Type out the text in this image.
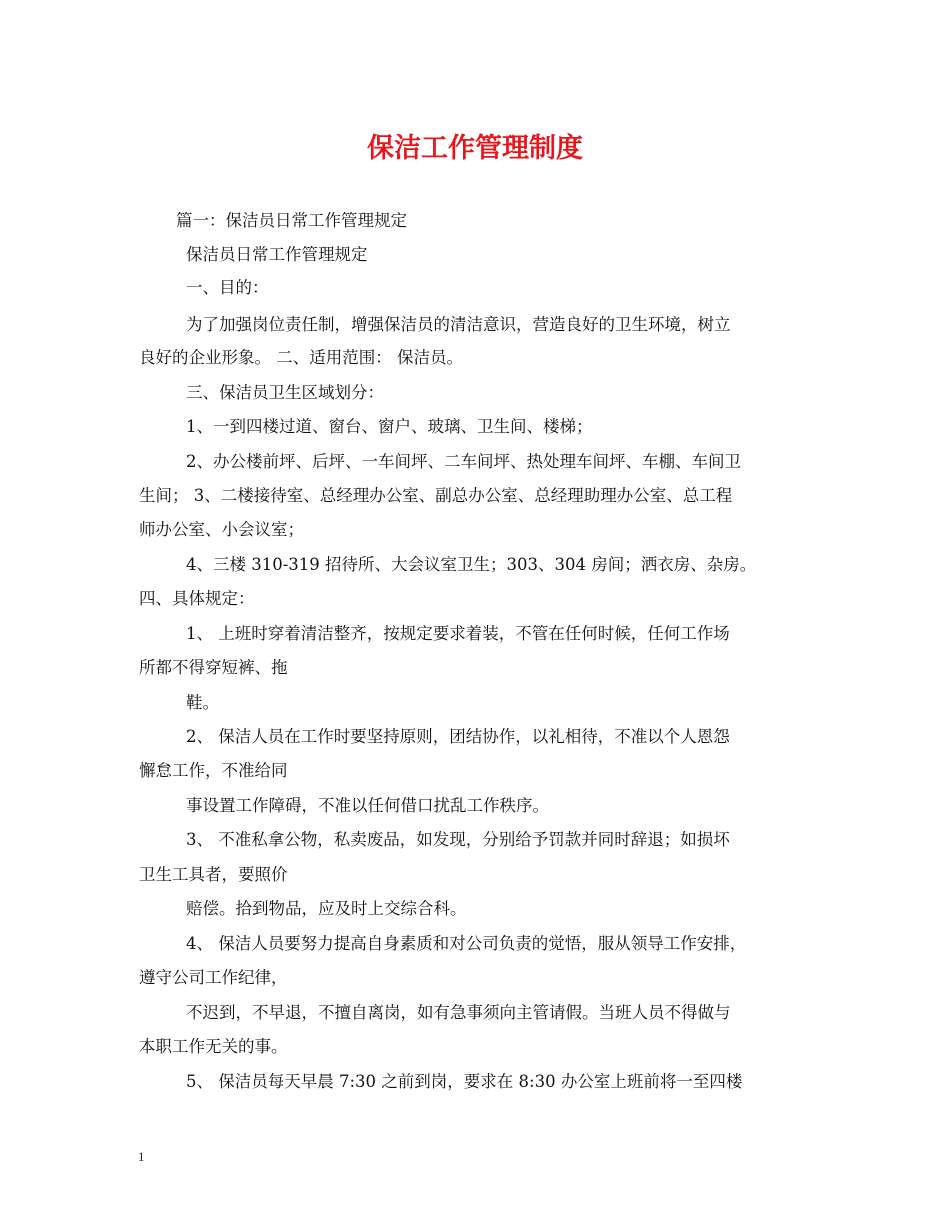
保洁工作管理制度
篇一：保洁员日常工作管理规定
保洁员日常工作管理规定
一、目的：
为了加强岗位责任制，增强保洁员的清洁意识，营造良好的卫生环境，树立
良好的企业形象。 二、适用范围： 保洁员。
三、保洁员卫生区域划分：
1、一到四楼过道、窗台、窗户、玻璃、卫生间、楼梯；
2、办公楼前坪、后坪、一车间坪、二车间坪、热处理车间坪、车棚、车间卫
生间； 3、二楼接待室、总经理办公室、副总办公室、总经理助理办公室、总工程
师办公室、小会议室；
4、三楼 310-319 招待所、大会议室卫生；303、304 房间；洒衣房、杂房。
四、具体规定：
1、 上班时穿着清洁整齐，按规定要求着装，不管在任何时候，任何工作场
所都不得穿短裤、拖
鞋。
2、 保洁人员在工作时要坚持原则，团结协作，以礼相待，不准以个人恩怨
懈怠工作，不准给同
事设置工作障碍，不准以任何借口扰乱工作秩序。
3、 不准私拿公物，私卖废品，如发现，分别给予罚款并同时辞退；如损坏
卫生工具者，要照价
赔偿。拾到物品，应及时上交综合科。
4、 保洁人员要努力提高自身素质和对公司负责的觉悟，服从领导工作安排，
遵守公司工作纪律，
不迟到，不早退，不擅自离岗，如有急事须向主管请假。当班人员不得做与
本职工作无关的事。
5、 保洁员每天早晨 7:30 之前到岗，要求在 8:30 办公室上班前将一至四楼
1
